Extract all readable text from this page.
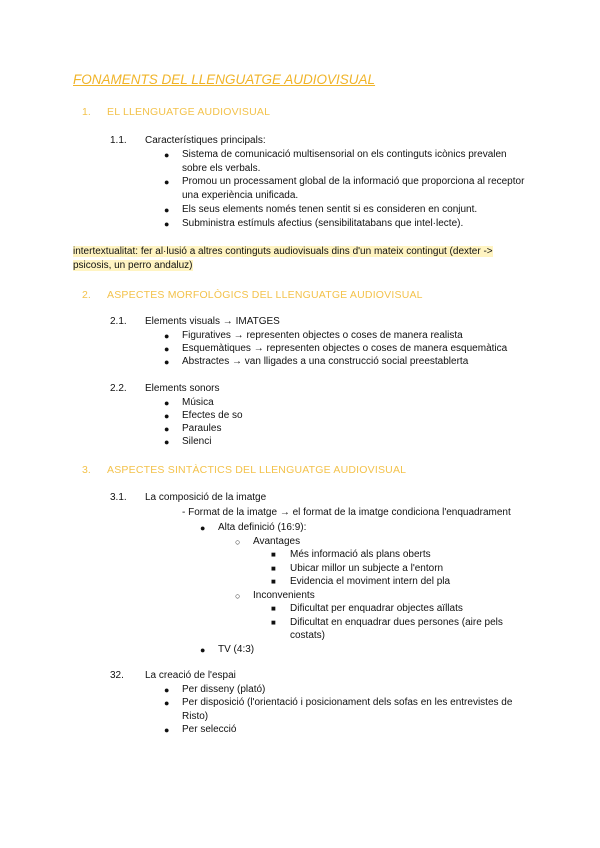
FONAMENTS DEL LLENGUATGE AUDIOVISUAL
1. EL LLENGUATGE AUDIOVISUAL
1.1. Característiques principals:
● Sistema de comunicació multisensorial on els continguts icònics prevalen
sobre els verbals.
● Promou un processament global de la informació que proporciona al receptor
una experiència unificada.
● Els seus elements només tenen sentit si es consideren en conjunt.
● Subministra estímuls afectius (sensibilitatabans que intel·lecte).
intertextualitat: fer al·lusió a altres continguts audiovisuals dins d'un mateix contingut (dexter ->
psicosis, un perro andaluz)
2. ASPECTES MORFOLÒGICS DEL LLENGUATGE AUDIOVISUAL
2.1. Elements visuals → IMATGES
● Figuratives → representen objectes o coses de manera realista
● Esquemàtiques → representen objectes o coses de manera esquemàtica
● Abstractes → van lligades a una construcció social preestablerta
2.2. Elements sonors
● Música
● Efectes de so
● Paraules
● Silenci
3. ASPECTES SINTÀCTICS DEL LLENGUATGE AUDIOVISUAL
3.1. La composició de la imatge
- Format de la imatge → el format de la imatge condiciona l'enquadrament
● Alta definició (16:9):
○ Avantages
■ Més informació als plans oberts
■ Ubicar millor un subjecte a l'entorn
■ Evidencia el moviment intern del pla
○ Inconvenients
■ Dificultat per enquadrar objectes aïllats
■ Dificultat en enquadrar dues persones (aire pels
costats)
● TV (4:3)
32. La creació de l'espai
● Per disseny (plató)
● Per disposició (l'orientació i posicionament dels sofas en les entrevistes de
Risto)
● Per selecció
